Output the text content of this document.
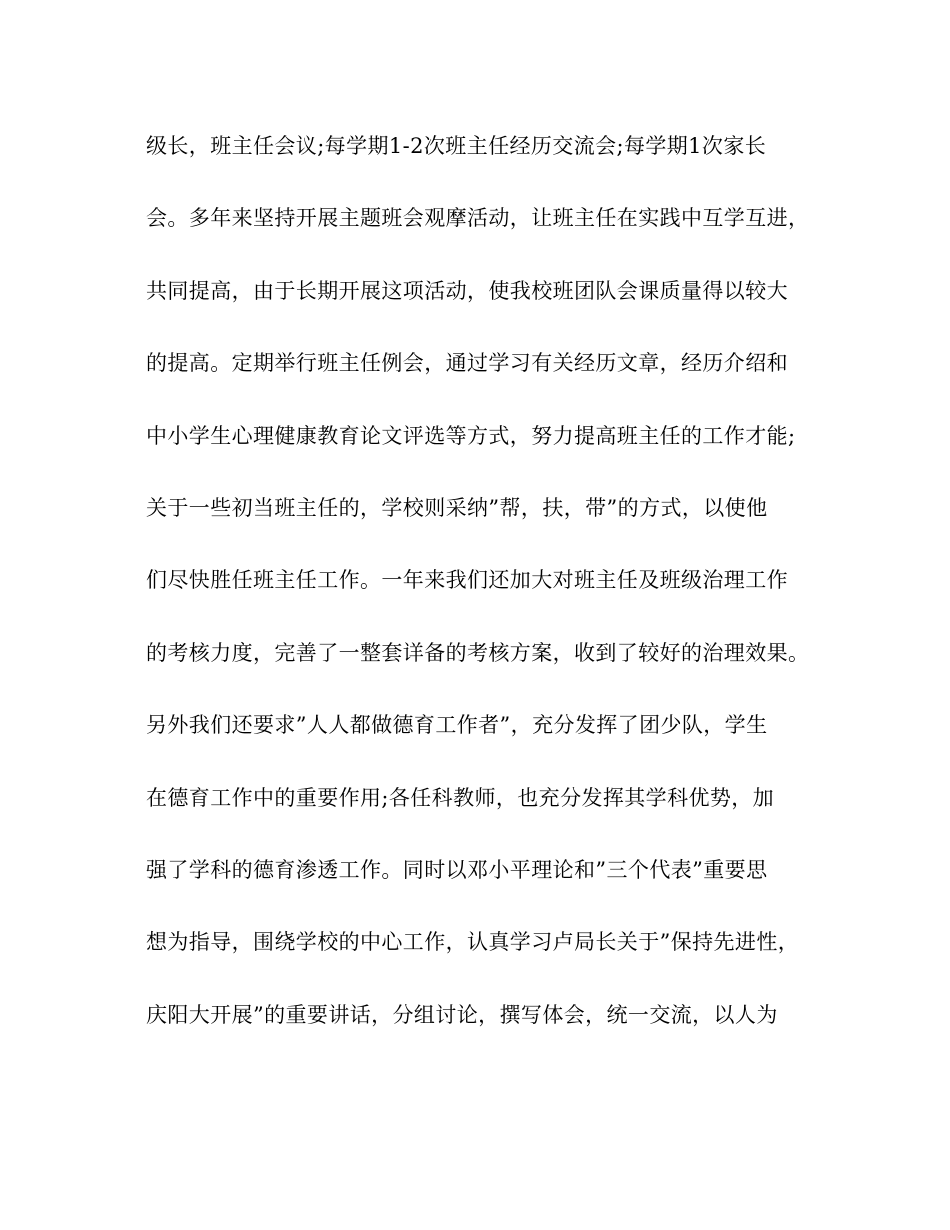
级长，班主任会议;每学期1-2次班主任经历交流会;每学期1次家长
会。多年来坚持开展主题班会观摩活动，让班主任在实践中互学互进，
共同提高，由于长期开展这项活动，使我校班团队会课质量得以较大
的提高。定期举行班主任例会，通过学习有关经历文章，经历介绍和
中小学生心理健康教育论文评选等方式，努力提高班主任的工作才能;
关于一些初当班主任的，学校则采纳”帮，扶，带”的方式，以使他
们尽快胜任班主任工作。一年来我们还加大对班主任及班级治理工作
的考核力度，完善了一整套详备的考核方案，收到了较好的治理效果。
另外我们还要求”人人都做德育工作者”，充分发挥了团少队，学生
在德育工作中的重要作用;各任科教师，也充分发挥其学科优势，加
强了学科的德育渗透工作。同时以邓小平理论和”三个代表”重要思
想为指导，围绕学校的中心工作，认真学习卢局长关于”保持先进性，
庆阳大开展”的重要讲话，分组讨论，撰写体会，统一交流，以人为
